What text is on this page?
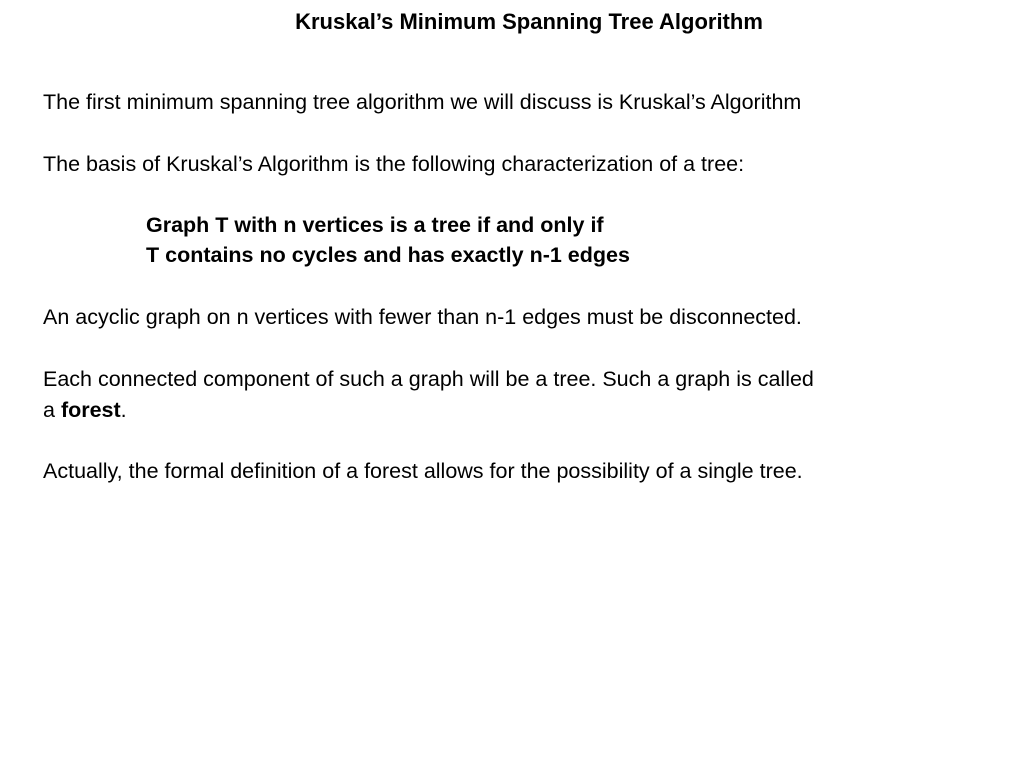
Kruskal’s Minimum Spanning Tree Algorithm
The first minimum spanning tree algorithm we will discuss is Kruskal’s Algorithm
The basis of Kruskal’s Algorithm is the following characterization of a tree:
Graph T with n vertices is a tree if and only if
T contains no cycles and has exactly n-1 edges
An acyclic graph on n vertices with fewer than n-1 edges must be disconnected.
Each connected component of such a graph will be a tree. Such a graph is called
a forest.
Actually, the formal definition of a forest allows for the possibility of a single tree.
